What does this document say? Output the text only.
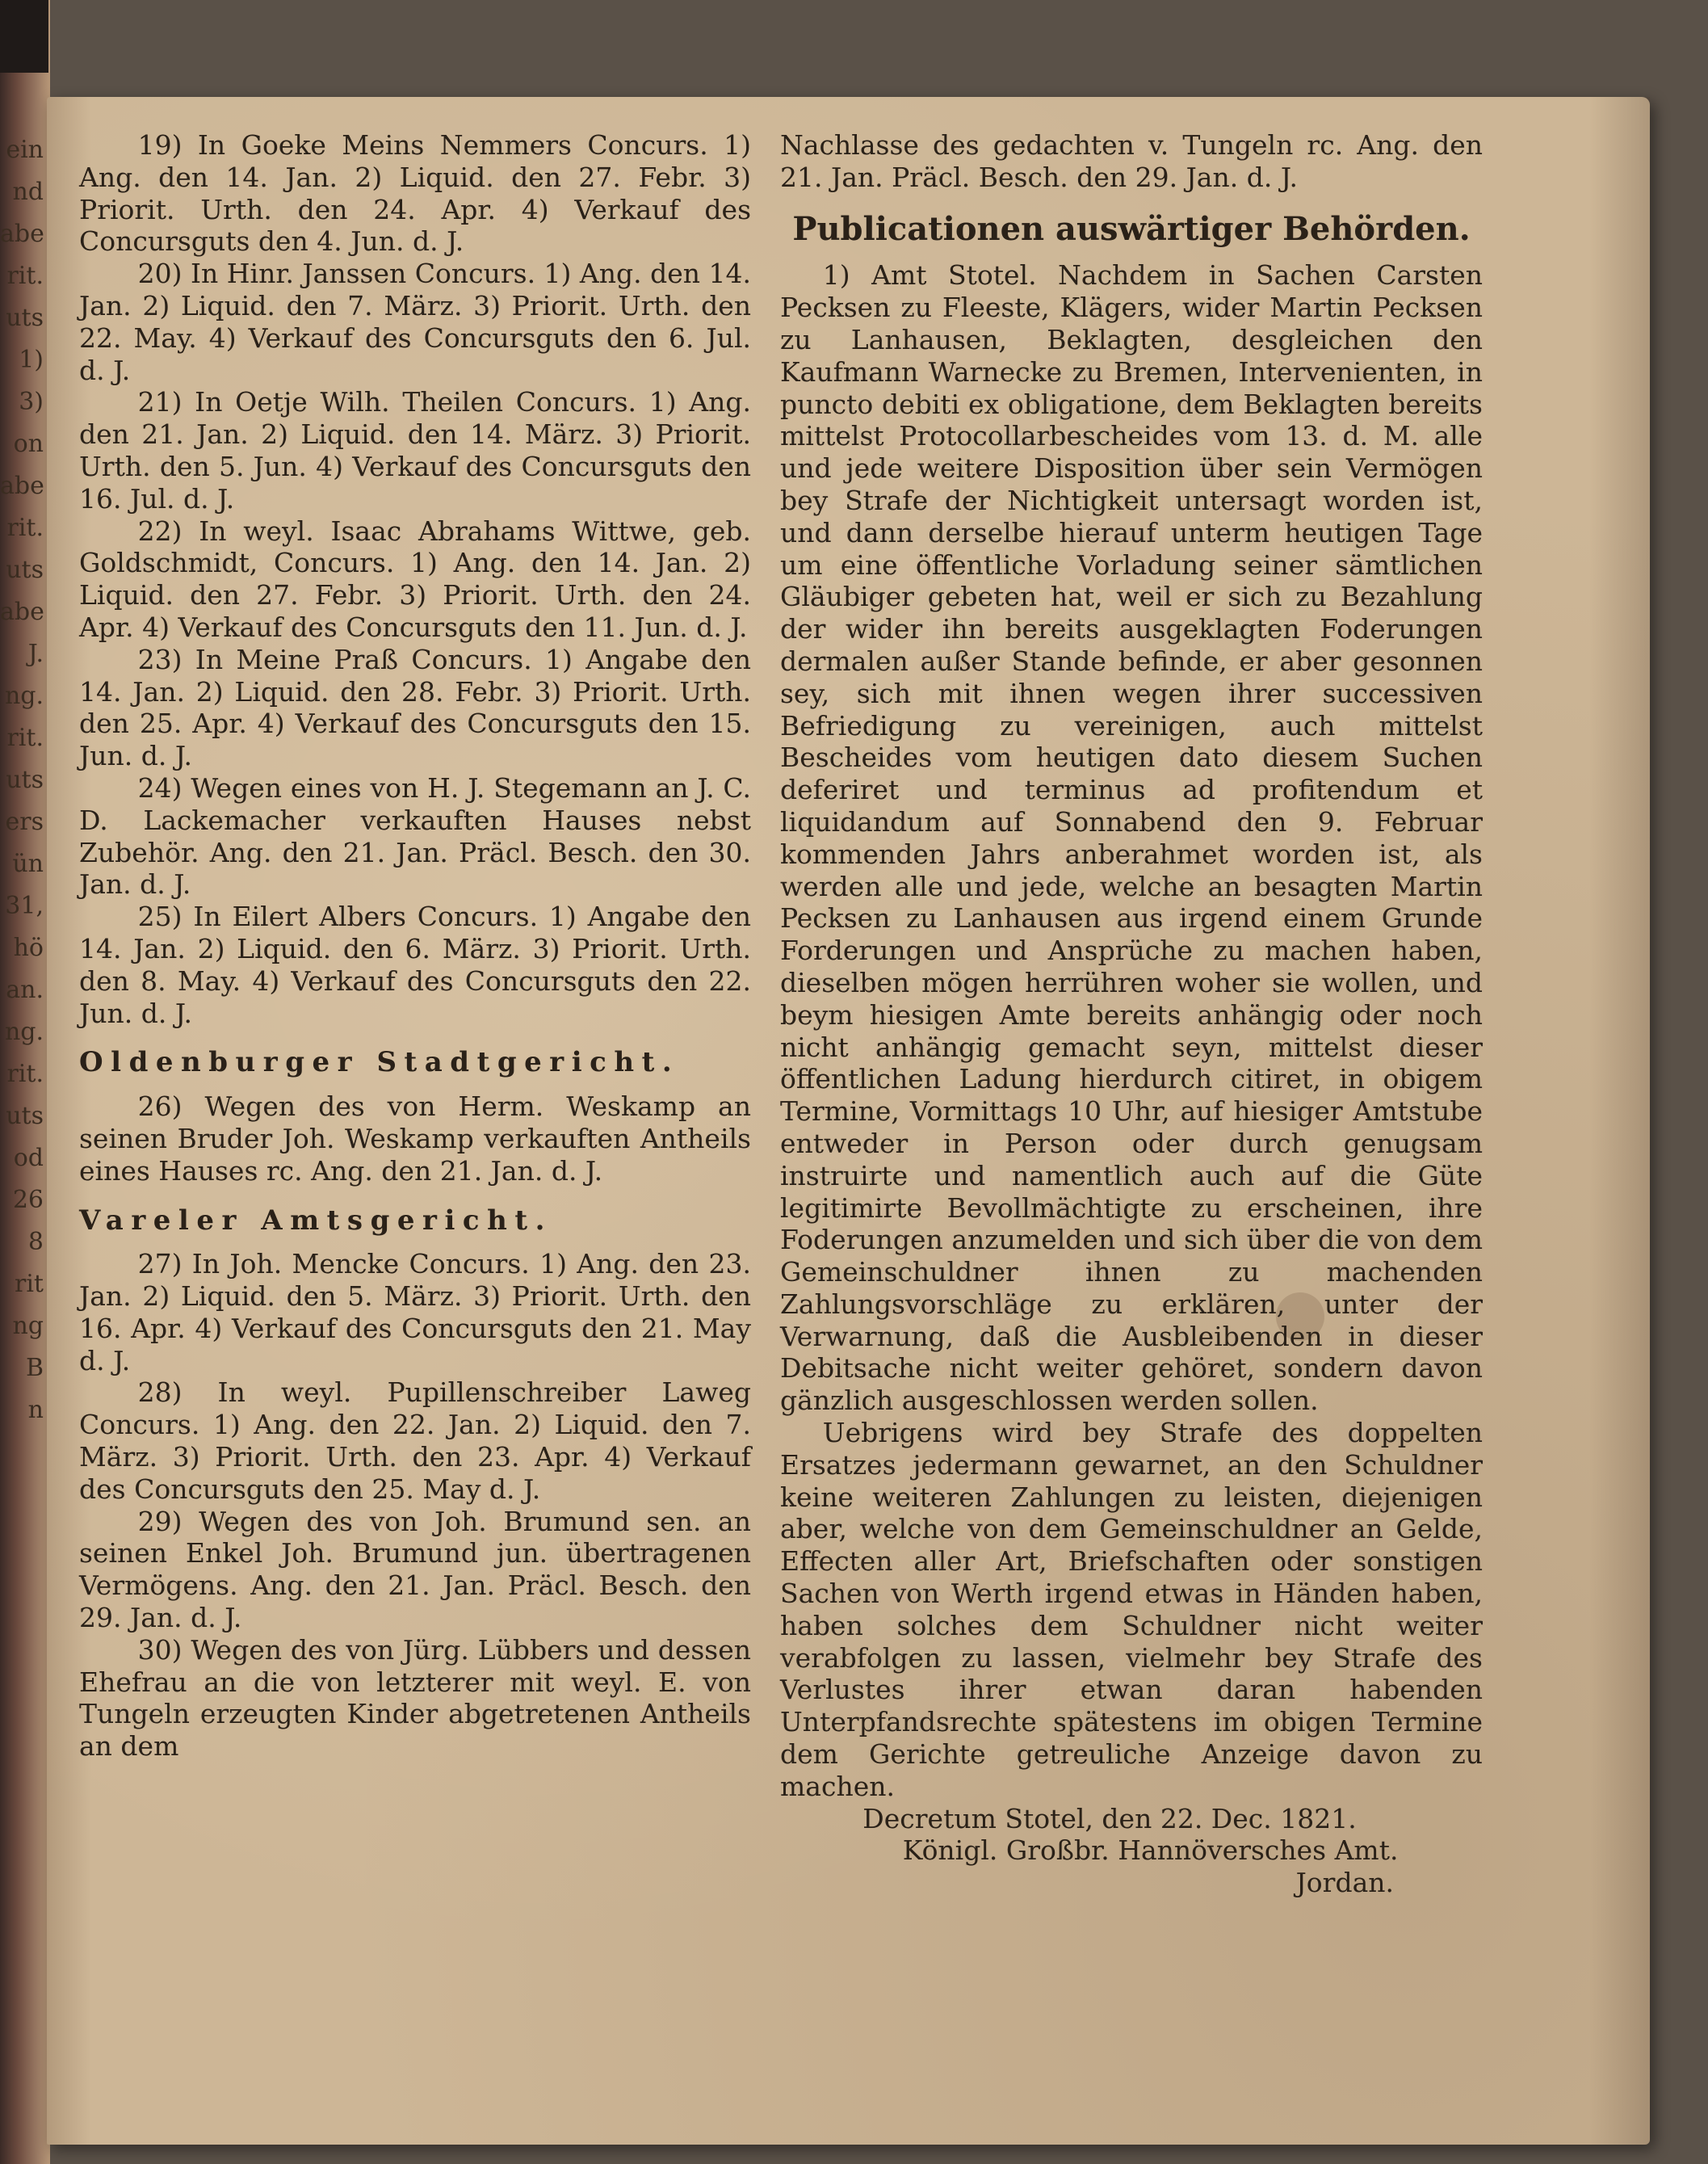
ein
nd
abe
rit.
uts
1)
3)
on
abe
rit.
uts
abe
J.
ng.
rit.
uts
ers
ün
31,
hö
an.
ng.
rit.
uts
od
26
8
rit
ng
B
n

19) In Goeke Meins Nemmers Concurs. 1) Ang. den 14. Jan. 2) Liquid. den 27. Febr. 3) Priorit. Urth. den 24. Apr. 4) Verkauf des Concursguts den 4. Jun. d. J.

20) In Hinr. Janssen Concurs. 1) Ang. den 14. Jan. 2) Liquid. den 7. März. 3) Priorit. Urth. den 22. May. 4) Verkauf des Concursguts den 6. Jul. d. J.

21) In Oetje Wilh. Theilen Concurs. 1) Ang. den 21. Jan. 2) Liquid. den 14. März. 3) Priorit. Urth. den 5. Jun. 4) Verkauf des Concursguts den 16. Jul. d. J.

22) In weyl. Isaac Abrahams Wittwe, geb. Goldschmidt, Concurs. 1) Ang. den 14. Jan. 2) Liquid. den 27. Febr. 3) Priorit. Urth. den 24. Apr. 4) Verkauf des Concursguts den 11. Jun. d. J.

23) In Meine Praß Concurs. 1) Angabe den 14. Jan. 2) Liquid. den 28. Febr. 3) Priorit. Urth. den 25. Apr. 4) Verkauf des Concursguts den 15. Jun. d. J.

24) Wegen eines von H. J. Stegemann an J. C. D. Lackemacher verkauften Hauses nebst Zubehör. Ang. den 21. Jan. Präcl. Besch. den 30. Jan. d. J.

25) In Eilert Albers Concurs. 1) Angabe den 14. Jan. 2) Liquid. den 6. März. 3) Priorit. Urth. den 8. May. 4) Verkauf des Concursguts den 22. Jun. d. J.

Oldenburger Stadtgericht.

26) Wegen des von Herm. Weskamp an seinen Bruder Joh. Weskamp verkauften Antheils eines Hauses rc. Ang. den 21. Jan. d. J.

Vareler Amtsgericht.

27) In Joh. Mencke Concurs. 1) Ang. den 23. Jan. 2) Liquid. den 5. März. 3) Priorit. Urth. den 16. Apr. 4) Verkauf des Concursguts den 21. May d. J.

28) In weyl. Pupillenschreiber Laweg Concurs. 1) Ang. den 22. Jan. 2) Liquid. den 7. März. 3) Priorit. Urth. den 23. Apr. 4) Verkauf des Concursguts den 25. May d. J.

29) Wegen des von Joh. Brumund sen. an seinen Enkel Joh. Brumund jun. übertragenen Vermögens. Ang. den 21. Jan. Präcl. Besch. den 29. Jan. d. J.

30) Wegen des von Jürg. Lübbers und dessen Ehefrau an die von letzterer mit weyl. E. von Tungeln erzeugten Kinder abgetretenen Antheils an dem

Nachlasse des gedachten v. Tungeln rc. Ang. den 21. Jan. Präcl. Besch. den 29. Jan. d. J.

Publicationen auswärtiger Behörden.

1) Amt Stotel. Nachdem in Sachen Carsten Pecksen zu Fleeste, Klägers, wider Martin Pecksen zu Lanhausen, Beklagten, desgleichen den Kaufmann Warnecke zu Bremen, Intervenienten, in puncto debiti ex obligatione, dem Beklagten bereits mittelst Protocollarbescheides vom 13. d. M. alle und jede weitere Disposition über sein Vermögen bey Strafe der Nichtigkeit untersagt worden ist, und dann derselbe hierauf unterm heutigen Tage um eine öffentliche Vorladung seiner sämtlichen Gläubiger gebeten hat, weil er sich zu Bezahlung der wider ihn bereits ausgeklagten Foderungen dermalen außer Stande befinde, er aber gesonnen sey, sich mit ihnen wegen ihrer successiven Befriedigung zu vereinigen, auch mittelst Bescheides vom heutigen dato diesem Suchen deferiret und terminus ad profitendum et liquidandum auf Sonnabend den 9. Februar kommenden Jahrs anberahmet worden ist, als werden alle und jede, welche an besagten Martin Pecksen zu Lanhausen aus irgend einem Grunde Forderungen und Ansprüche zu machen haben, dieselben mögen herrühren woher sie wollen, und beym hiesigen Amte bereits anhängig oder noch nicht anhängig gemacht seyn, mittelst dieser öffentlichen Ladung hierdurch citiret, in obigem Termine, Vormittags 10 Uhr, auf hiesiger Amtstube entweder in Person oder durch genugsam instruirte und namentlich auch auf die Güte legitimirte Bevollmächtigte zu erscheinen, ihre Foderungen anzumelden und sich über die von dem Gemeinschuldner ihnen zu machenden Zahlungsvorschläge zu erklären, unter der Verwarnung, daß die Ausbleibenden in dieser Debitsache nicht weiter gehöret, sondern davon gänzlich ausgeschlossen werden sollen.

Uebrigens wird bey Strafe des doppelten Ersatzes jedermann gewarnet, an den Schuldner keine weiteren Zahlungen zu leisten, diejenigen aber, welche von dem Gemeinschuldner an Gelde, Effecten aller Art, Briefschaften oder sonstigen Sachen von Werth irgend etwas in Händen haben, haben solches dem Schuldner nicht weiter verabfolgen zu lassen, vielmehr bey Strafe des Verlustes ihrer etwan daran habenden Unterpfandsrechte spätestens im obigen Termine dem Gerichte getreuliche Anzeige davon zu machen.

Decretum Stotel, den 22. Dec. 1821.

Königl. Großbr. Hannöversches Amt.

Jordan.
